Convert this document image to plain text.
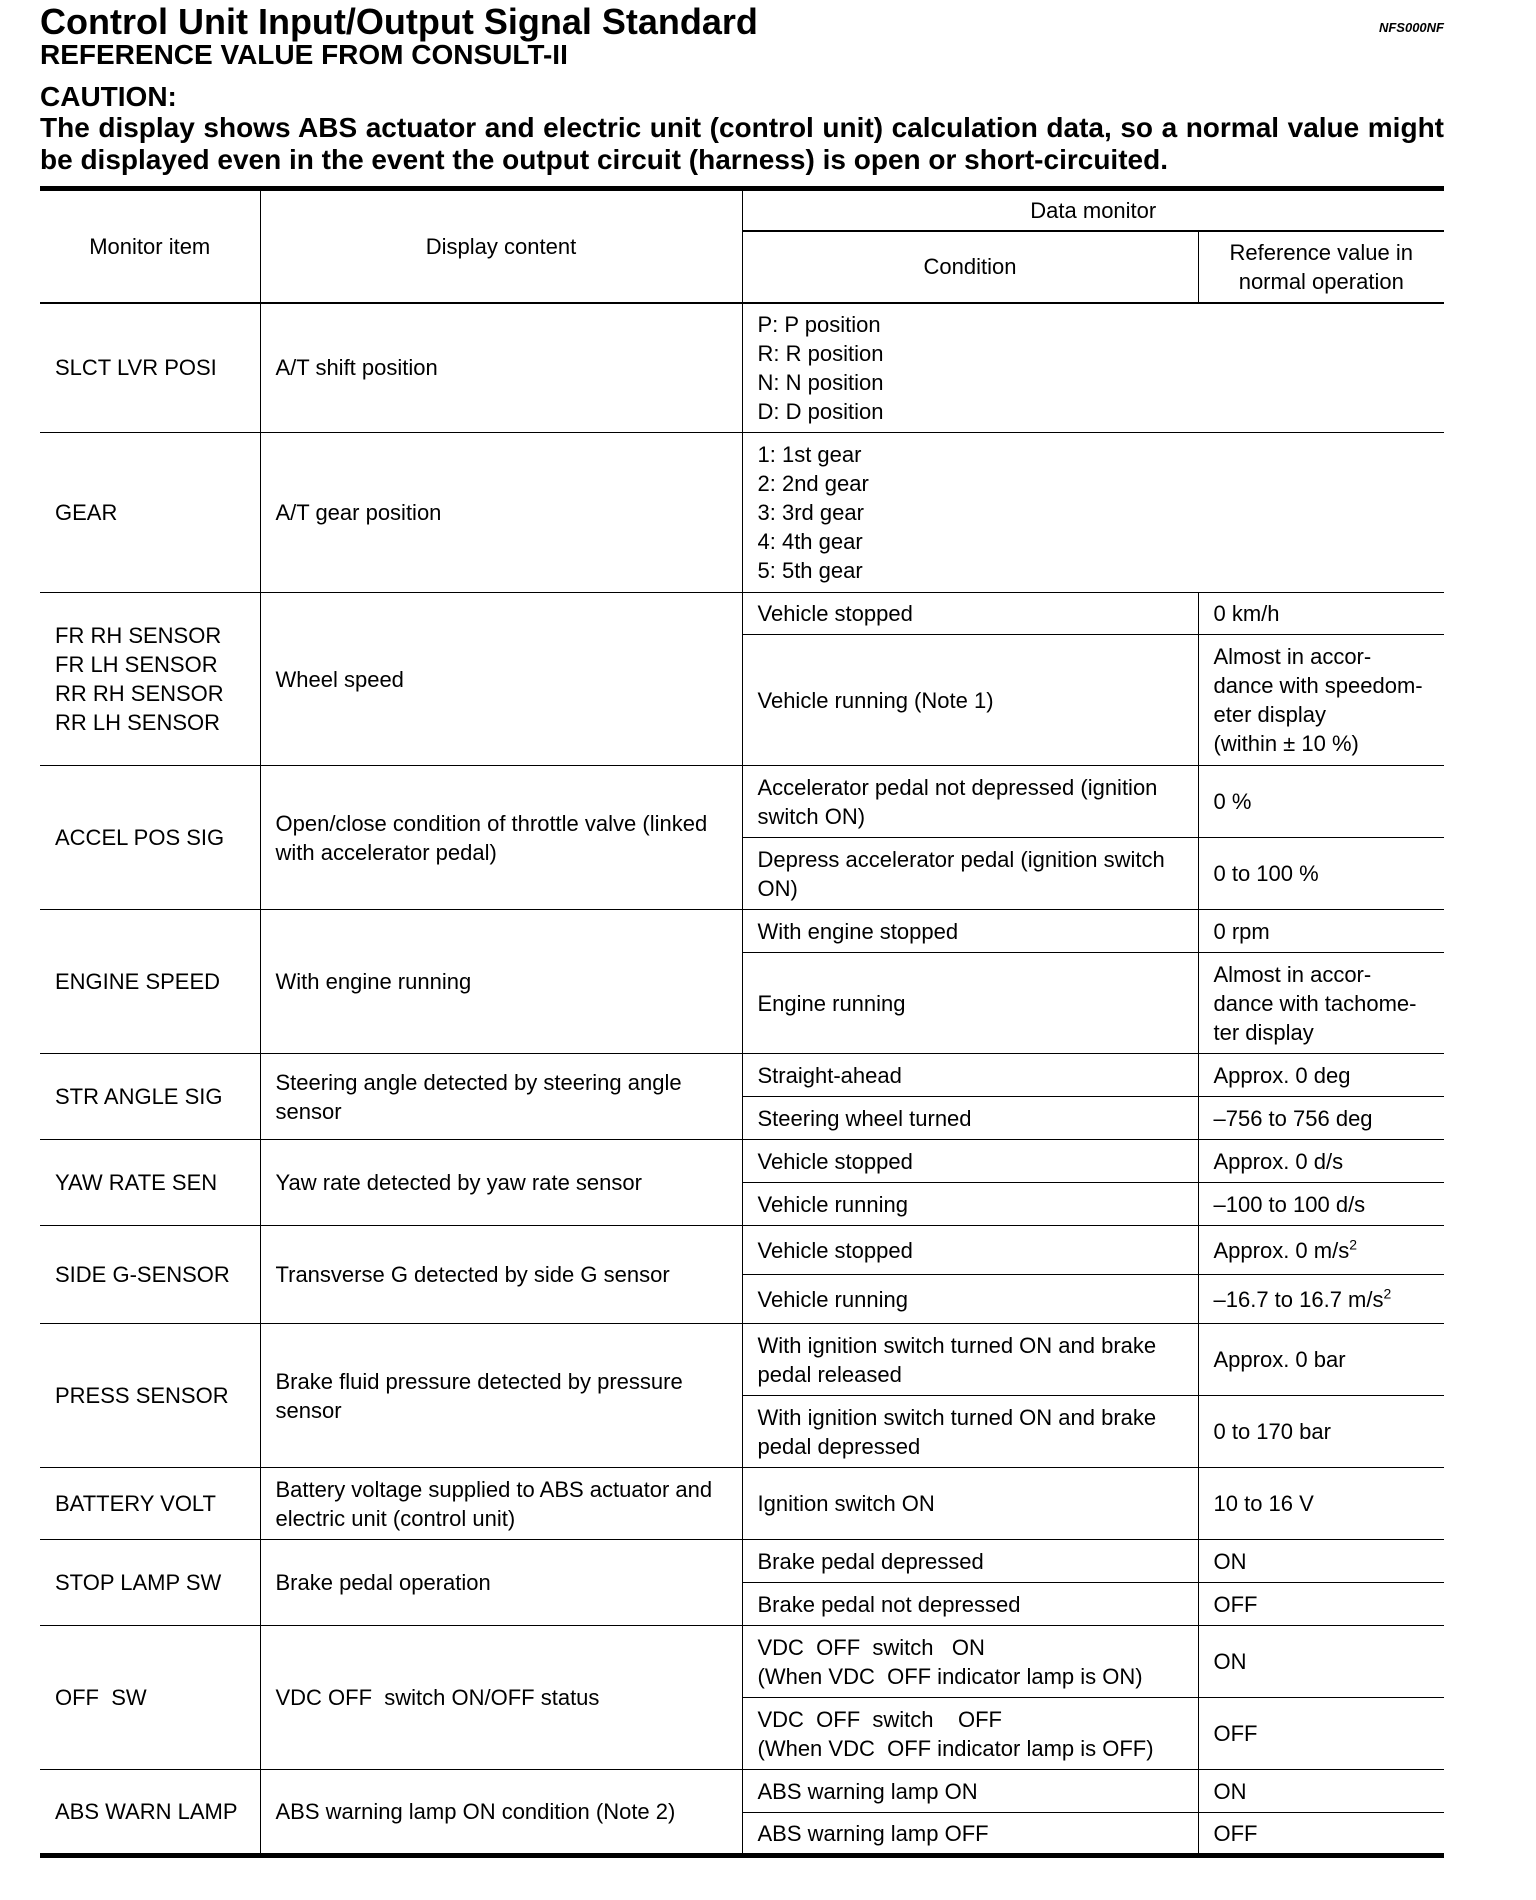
Control Unit Input/Output Signal Standard	NFS000NF
REFERENCE VALUE FROM CONSULT-II
CAUTION:
The display shows ABS actuator and electric unit (control unit) calculation data, so a normal value might be displayed even in the event the output circuit (harness) is open or short-circuited.
Monitor item	Display content	Data monitor	
		Condition	Reference value in normal operation
SLCT LVR POSI	A/T shift position	P: P position
R: R position
N: N position
D: D position	
GEAR	A/T gear position	1: 1st gear
2: 2nd gear
3: 3rd gear
4: 4th gear
5: 5th gear	
FR RH SENSOR
FR LH SENSOR
RR RH SENSOR
RR LH SENSOR	Wheel speed	Vehicle stopped	0 km/h
		Vehicle running (Note 1)	Almost in accor-
dance with speedom-
eter display
(within ± 10 %)
ACCEL POS SIG	Open/close condition of throttle valve (linked with accelerator pedal)	Accelerator pedal not depressed (ignition switch ON)	0 %
		Depress accelerator pedal (ignition switch ON)	0 to 100 %
ENGINE SPEED	With engine running	With engine stopped	0 rpm
		Engine running	Almost in accor-
dance with tachome-
ter display
STR ANGLE SIG	Steering angle detected by steering angle sensor	Straight-ahead	Approx. 0 deg
		Steering wheel turned	–756 to 756 deg
YAW RATE SEN	Yaw rate detected by yaw rate sensor	Vehicle stopped	Approx. 0 d/s
		Vehicle running	–100 to 100 d/s
SIDE G-SENSOR	Transverse G detected by side G sensor	Vehicle stopped	Approx. 0 $m/s^2$
		Vehicle running	–16.7 to 16.7 $m/s^2$
PRESS SENSOR	Brake fluid pressure detected by pressure sensor	With ignition switch turned ON and brake pedal released	Approx. 0 bar
		With ignition switch turned ON and brake pedal depressed	0 to 170 bar
BATTERY VOLT	Battery voltage supplied to ABS actuator and electric unit (control unit)	Ignition switch ON	10 to 16 V
STOP LAMP SW	Brake pedal operation	Brake pedal depressed	ON
		Brake pedal not depressed	OFF
OFF  SW	VDC OFF  switch ON/OFF status	VDC  OFF  switch   ON
(When VDC  OFF indicator lamp is ON)	ON
		VDC  OFF  switch    OFF
(When VDC  OFF indicator lamp is OFF)	OFF
ABS WARN LAMP	ABS warning lamp ON condition (Note 2)	ABS warning lamp ON	ON
		ABS warning lamp OFF	OFF
